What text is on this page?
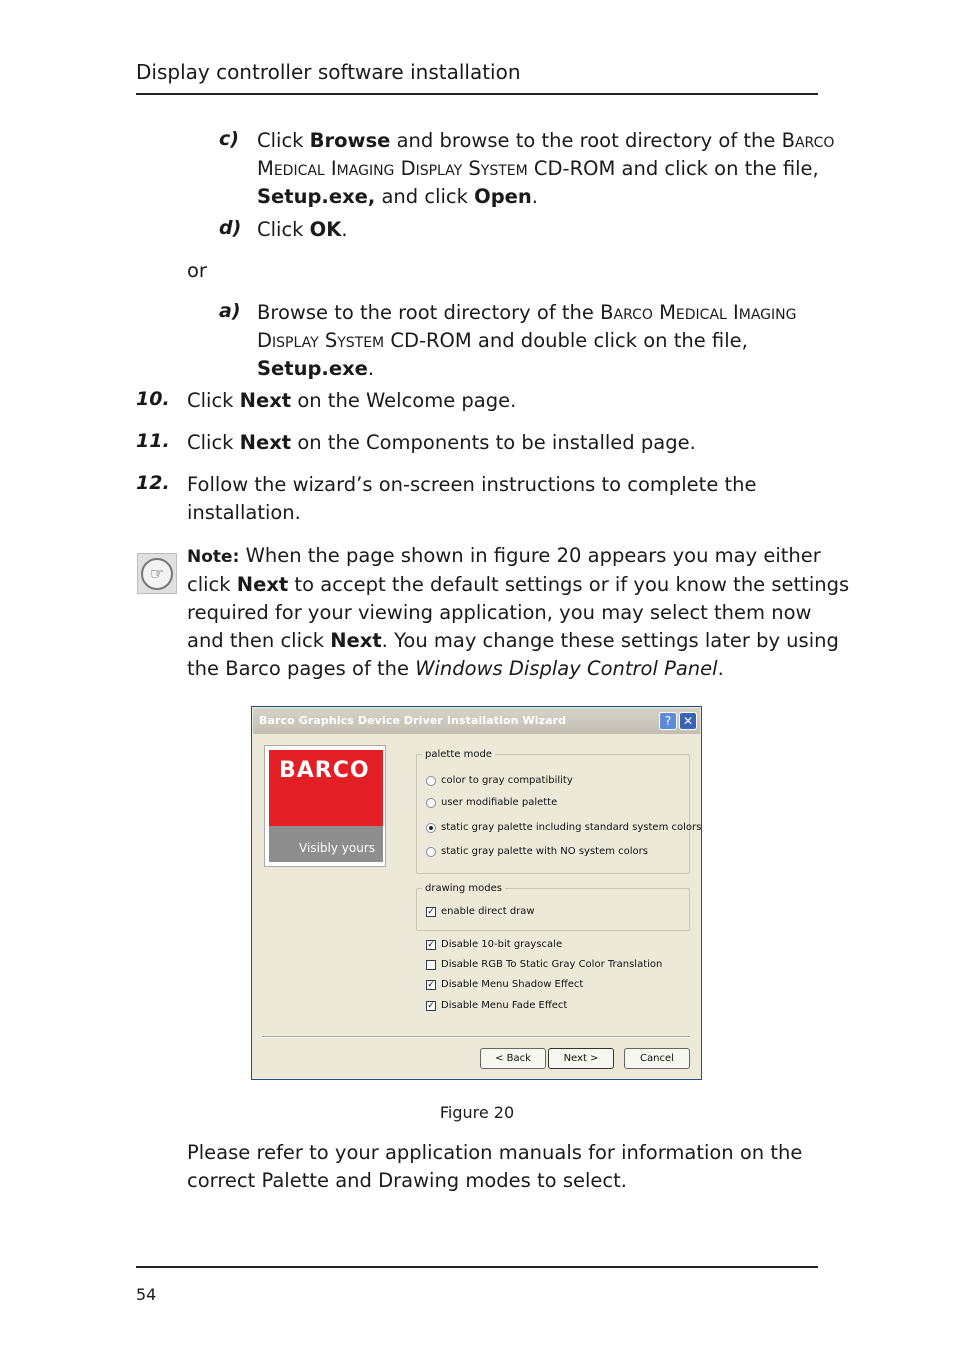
Display controller software installation
c) Click Browse and browse to the root directory of the Barco
Medical Imaging Display System CD-ROM and click on the file,
Setup.exe, and click Open.
d) Click OK.
or
a) Browse to the root directory of the Barco Medical Imaging
Display System CD-ROM and double click on the file,
Setup.exe.
10. Click Next on the Welcome page.
11. Click Next on the Components to be installed page.
12. Follow the wizard’s on-screen instructions to complete the
installation.
☞
Note: When the page shown in figure 20 appears you may either
click Next to accept the default settings or if you know the settings
required for your viewing application, you may select them now
and then click Next. You may change these settings later by using
the Barco pages of the Windows Display Control Panel.
Barco Graphics Device Driver Installation Wizard	? ✕
BARCO
Visibly yours
palette mode
color to gray compatibility
user modifiable palette
static gray palette including standard system colors
static gray palette with NO system colors
drawing modes
✓ enable direct draw
✓ Disable 10-bit grayscale
Disable RGB To Static Gray Color Translation
✓ Disable Menu Shadow Effect
✓ Disable Menu Fade Effect
< Back	Next >	Cancel
Figure 20
Please refer to your application manuals for information on the
correct Palette and Drawing modes to select.
54
